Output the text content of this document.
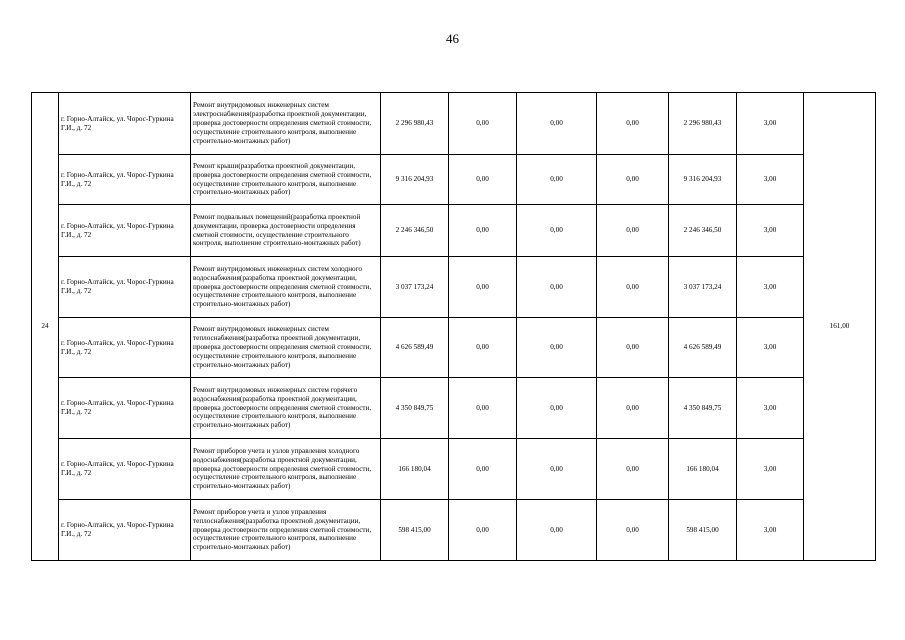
46
24	г. Горно-Алтайск, ул. Чорос-Гуркина Г.И., д. 72	Ремонт внутридомовых инженерных систем электроснабжения(разработка проектной документации, проверка достоверности определения сметной стоимости, осуществление строительного контроля, выполнение строительно-монтажных работ)	2 296 980,43	0,00	0,00	0,00	2 296 980,43	3,00	161,00
	г. Горно-Алтайск, ул. Чорос-Гуркина Г.И., д. 72	Ремонт крыши(разработка проектной документации, проверка достоверности определения сметной стоимости, осуществление строительного контроля, выполнение строительно-монтажных работ)	9 316 204,93	0,00	0,00	0,00	9 316 204,93	3,00	
	г. Горно-Алтайск, ул. Чорос-Гуркина Г.И., д. 72	Ремонт подвальных помещений(разработка проектной документации, проверка достоверности определения сметной стоимости, осуществление строительного контроля, выполнение строительно-монтажных работ)	2 246 346,50	0,00	0,00	0,00	2 246 346,50	3,00	
	г. Горно-Алтайск, ул. Чорос-Гуркина Г.И., д. 72	Ремонт внутридомовых инженерных систем холодного водоснабжения(разработка проектной документации, проверка достоверности определения сметной стоимости, осуществление строительного контроля, выполнение строительно-монтажных работ)	3 037 173,24	0,00	0,00	0,00	3 037 173,24	3,00	
	г. Горно-Алтайск, ул. Чорос-Гуркина Г.И., д. 72	Ремонт внутридомовых инженерных систем теплоснабжения(разработка проектной документации, проверка достоверности определения сметной стоимости, осуществление строительного контроля, выполнение строительно-монтажных работ)	4 626 589,49	0,00	0,00	0,00	4 626 589,49	3,00	
	г. Горно-Алтайск, ул. Чорос-Гуркина Г.И., д. 72	Ремонт внутридомовых инженерных систем горячего водоснабжения(разработка проектной документации, проверка достоверности определения сметной стоимости, осуществление строительного контроля, выполнение строительно-монтажных работ)	4 350 849,75	0,00	0,00	0,00	4 350 849,75	3,00	
	г. Горно-Алтайск, ул. Чорос-Гуркина Г.И., д. 72	Ремонт приборов учета и узлов управления холодного водоснабжения(разработка проектной документации, проверка достоверности определения сметной стоимости, осуществление строительного контроля, выполнение строительно-монтажных работ)	166 180,04	0,00	0,00	0,00	166 180,04	3,00	
	г. Горно-Алтайск, ул. Чорос-Гуркина Г.И., д. 72	Ремонт приборов учета и узлов управления теплоснабжения(разработка проектной документации, проверка достоверности определения сметной стоимости, осуществление строительного контроля, выполнение строительно-монтажных работ)	598 415,00	0,00	0,00	0,00	598 415,00	3,00	
